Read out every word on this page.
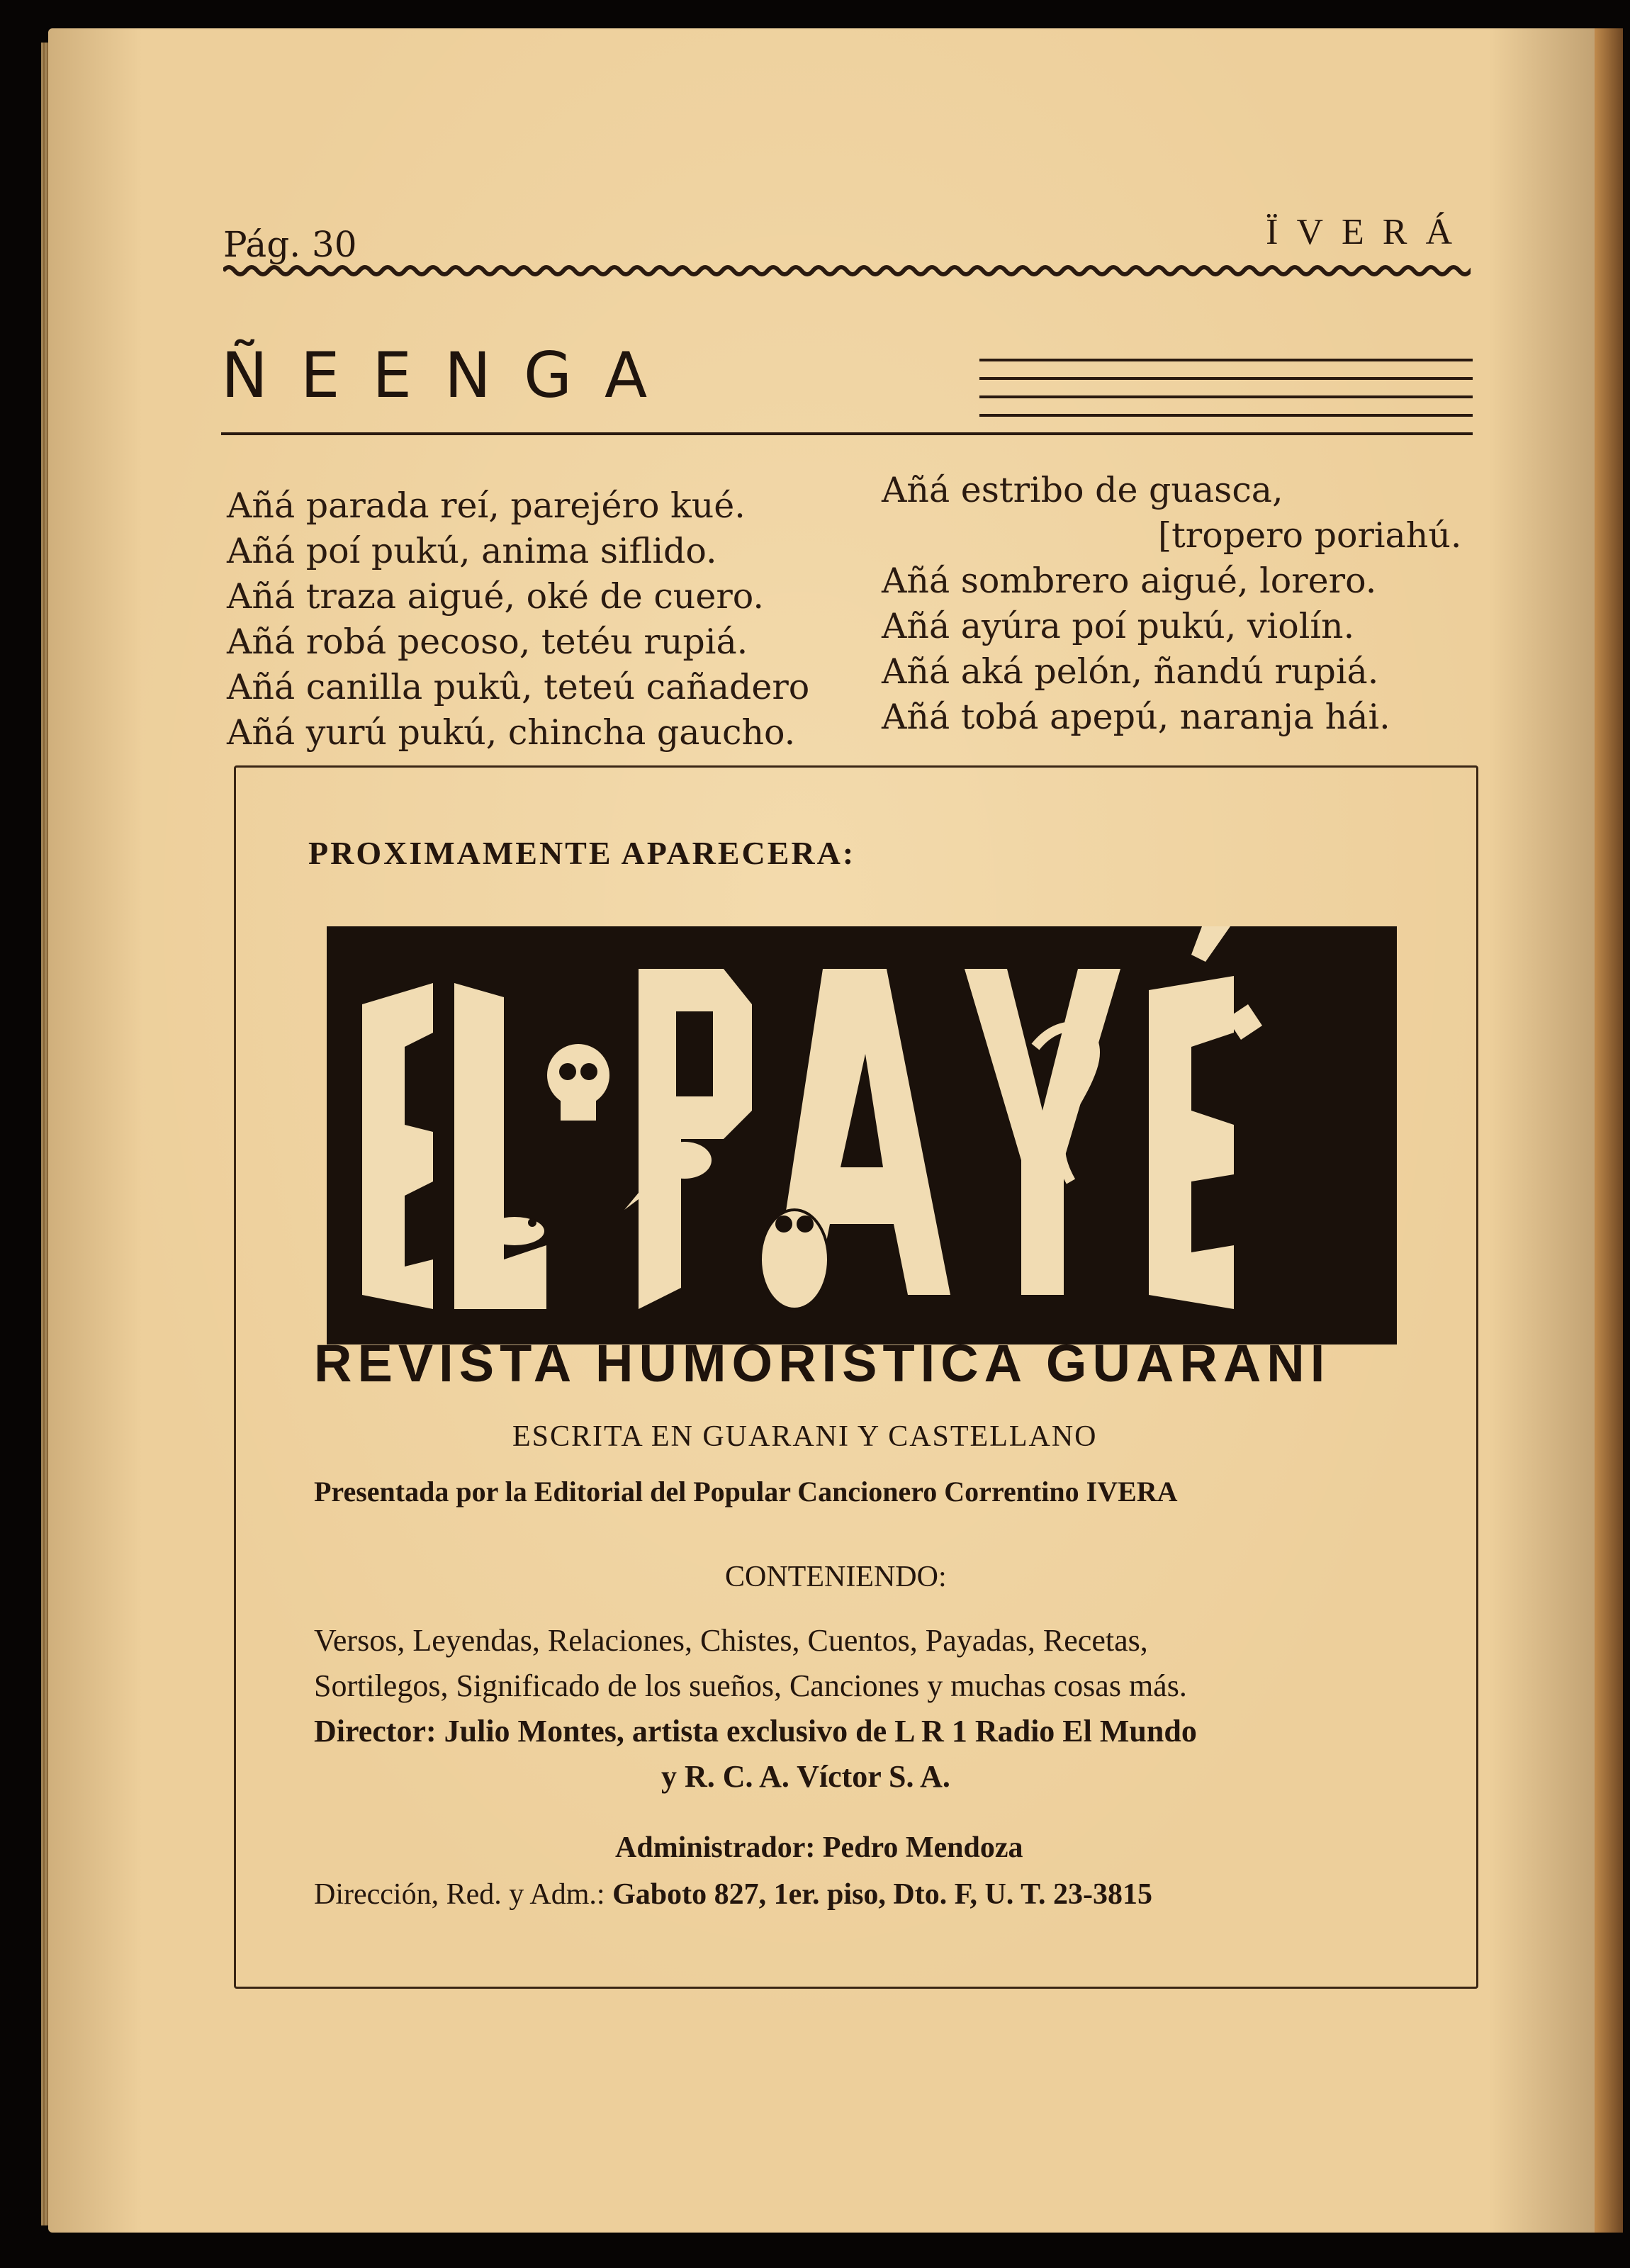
Pág. 30	ÏVERÁ
ÑEENGA
Añá parada reí, parejéro kué.
Añá poí pukú, anima siflido.
Añá traza aigué, oké de cuero.
Añá robá pecoso, tetéu rupiá.
Añá canilla pukû, teteú cañadero
Añá yurú pukú, chincha gaucho.
Añá estribo de guasca,
[tropero poriahú.
Añá sombrero aigué, lorero.
Añá ayúra poí pukú, violín.
Añá aká pelón, ñandú rupiá.
Añá tobá apepú, naranja hái.
PROXIMAMENTE APARECERA:
REVISTA HUMORISTICA GUARANI
ESCRITA EN GUARANI Y CASTELLANO
Presentada por la Editorial del Popular Cancionero Correntino IVERA
CONTENIENDO:
Versos, Leyendas, Relaciones, Chistes, Cuentos, Payadas, Recetas,
Sortilegos, Significado de los sueños, Canciones y muchas cosas más.
Director: Julio Montes, artista exclusivo de L R 1 Radio El Mundo
y R. C. A. Víctor S. A.
Administrador: Pedro Mendoza
Dirección, Red. y Adm.: Gaboto 827, 1er. piso, Dto. F, U. T. 23-3815
